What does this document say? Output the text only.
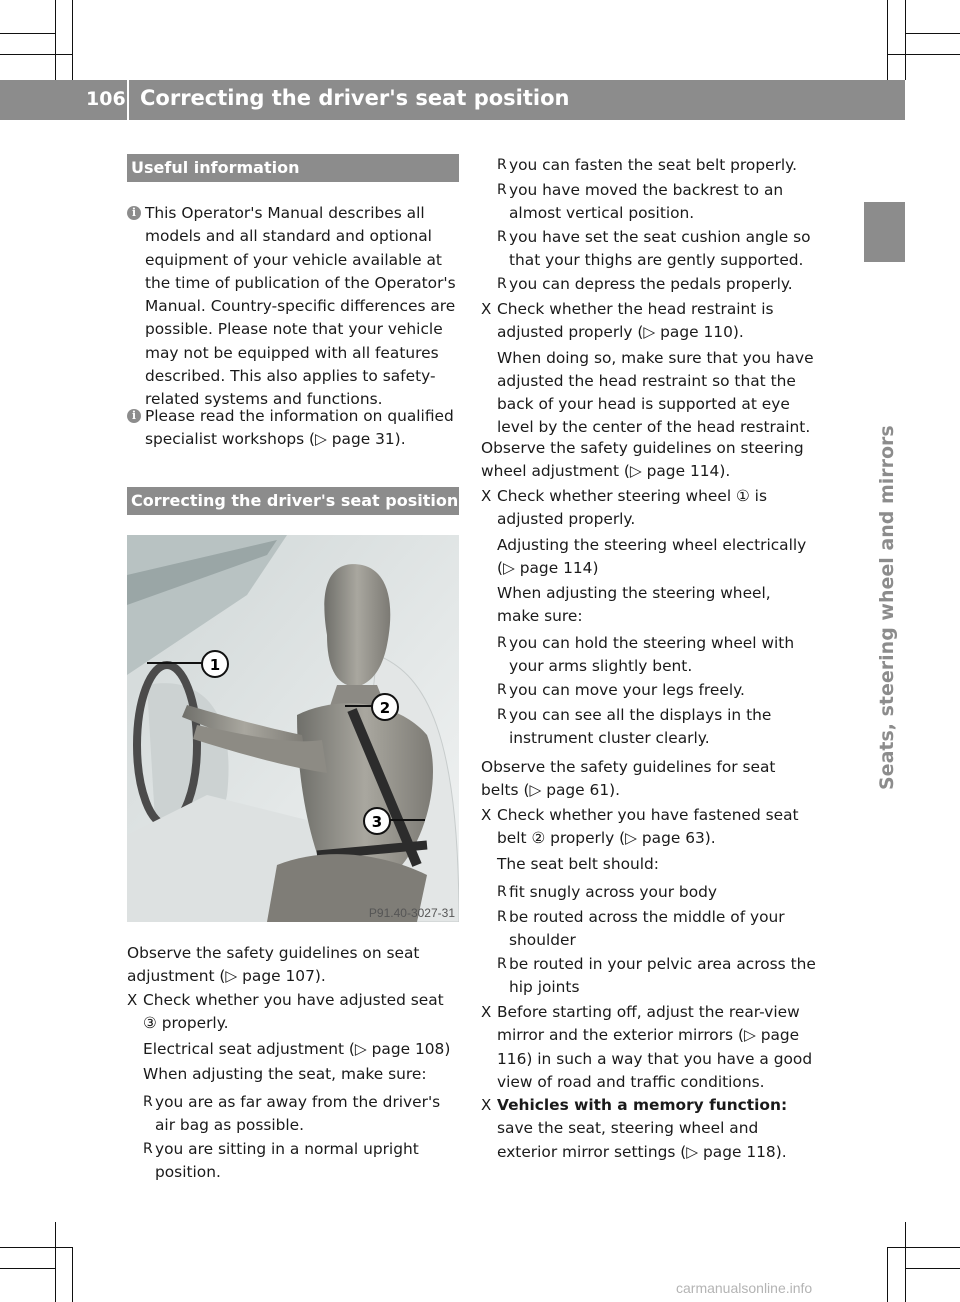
106 Correcting the driver's seat position
Seats, steering wheel and mirrors
Useful information
i This Operator's Manual describes all models and all standard and optional equipment of your vehicle available at the time of publication of the Operator's Manual. Country-specific differences are possible. Please note that your vehicle may not be equipped with all features described. This also applies to safety-related systems and functions.
i Please read the information on qualified specialist workshops (▷ page 31).
Correcting the driver's seat position
1
2
3
P91.40-3027-31
Observe the safety guidelines on seat adjustment (▷ page 107).
X Check whether you have adjusted seat ③ properly.
Electrical seat adjustment (▷ page 108)
When adjusting the seat, make sure:
R you are as far away from the driver's air bag as possible.
R you are sitting in a normal upright position.
R you can fasten the seat belt properly.
R you have moved the backrest to an almost vertical position.
R you have set the seat cushion angle so that your thighs are gently supported.
R you can depress the pedals properly.
X Check whether the head restraint is adjusted properly (▷ page 110).
When doing so, make sure that you have adjusted the head restraint so that the back of your head is supported at eye level by the center of the head restraint.
Observe the safety guidelines on steering wheel adjustment (▷ page 114).
X Check whether steering wheel ① is adjusted properly.
Adjusting the steering wheel electrically (▷ page 114)
When adjusting the steering wheel, make sure:
R you can hold the steering wheel with your arms slightly bent.
R you can move your legs freely.
R you can see all the displays in the instrument cluster clearly.
Observe the safety guidelines for seat belts (▷ page 61).
X Check whether you have fastened seat belt ② properly (▷ page 63).
The seat belt should:
R fit snugly across your body
R be routed across the middle of your shoulder
R be routed in your pelvic area across the hip joints
X Before starting off, adjust the rear-view mirror and the exterior mirrors (▷ page 116) in such a way that you have a good view of road and traffic conditions.
X Vehicles with a memory function: save the seat, steering wheel and exterior mirror settings (▷ page 118).
carmanualsonline.info
